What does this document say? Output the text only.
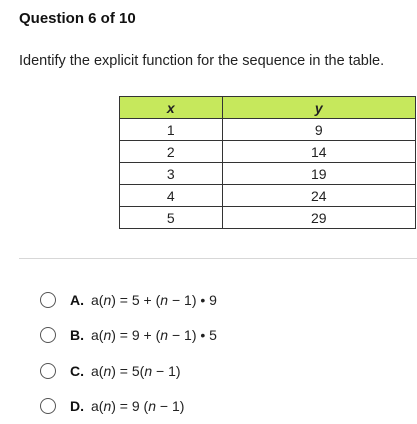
Question 6 of 10
Identify the explicit function for the sequence in the table.
x	y
1	9
2	14
3	19
4	24
5	29
A. a(n) = 5 + (n − 1) • 9
B. a(n) = 9 + (n − 1) • 5
C. a(n) = 5(n − 1)
D. a(n) = 9 (n − 1)
